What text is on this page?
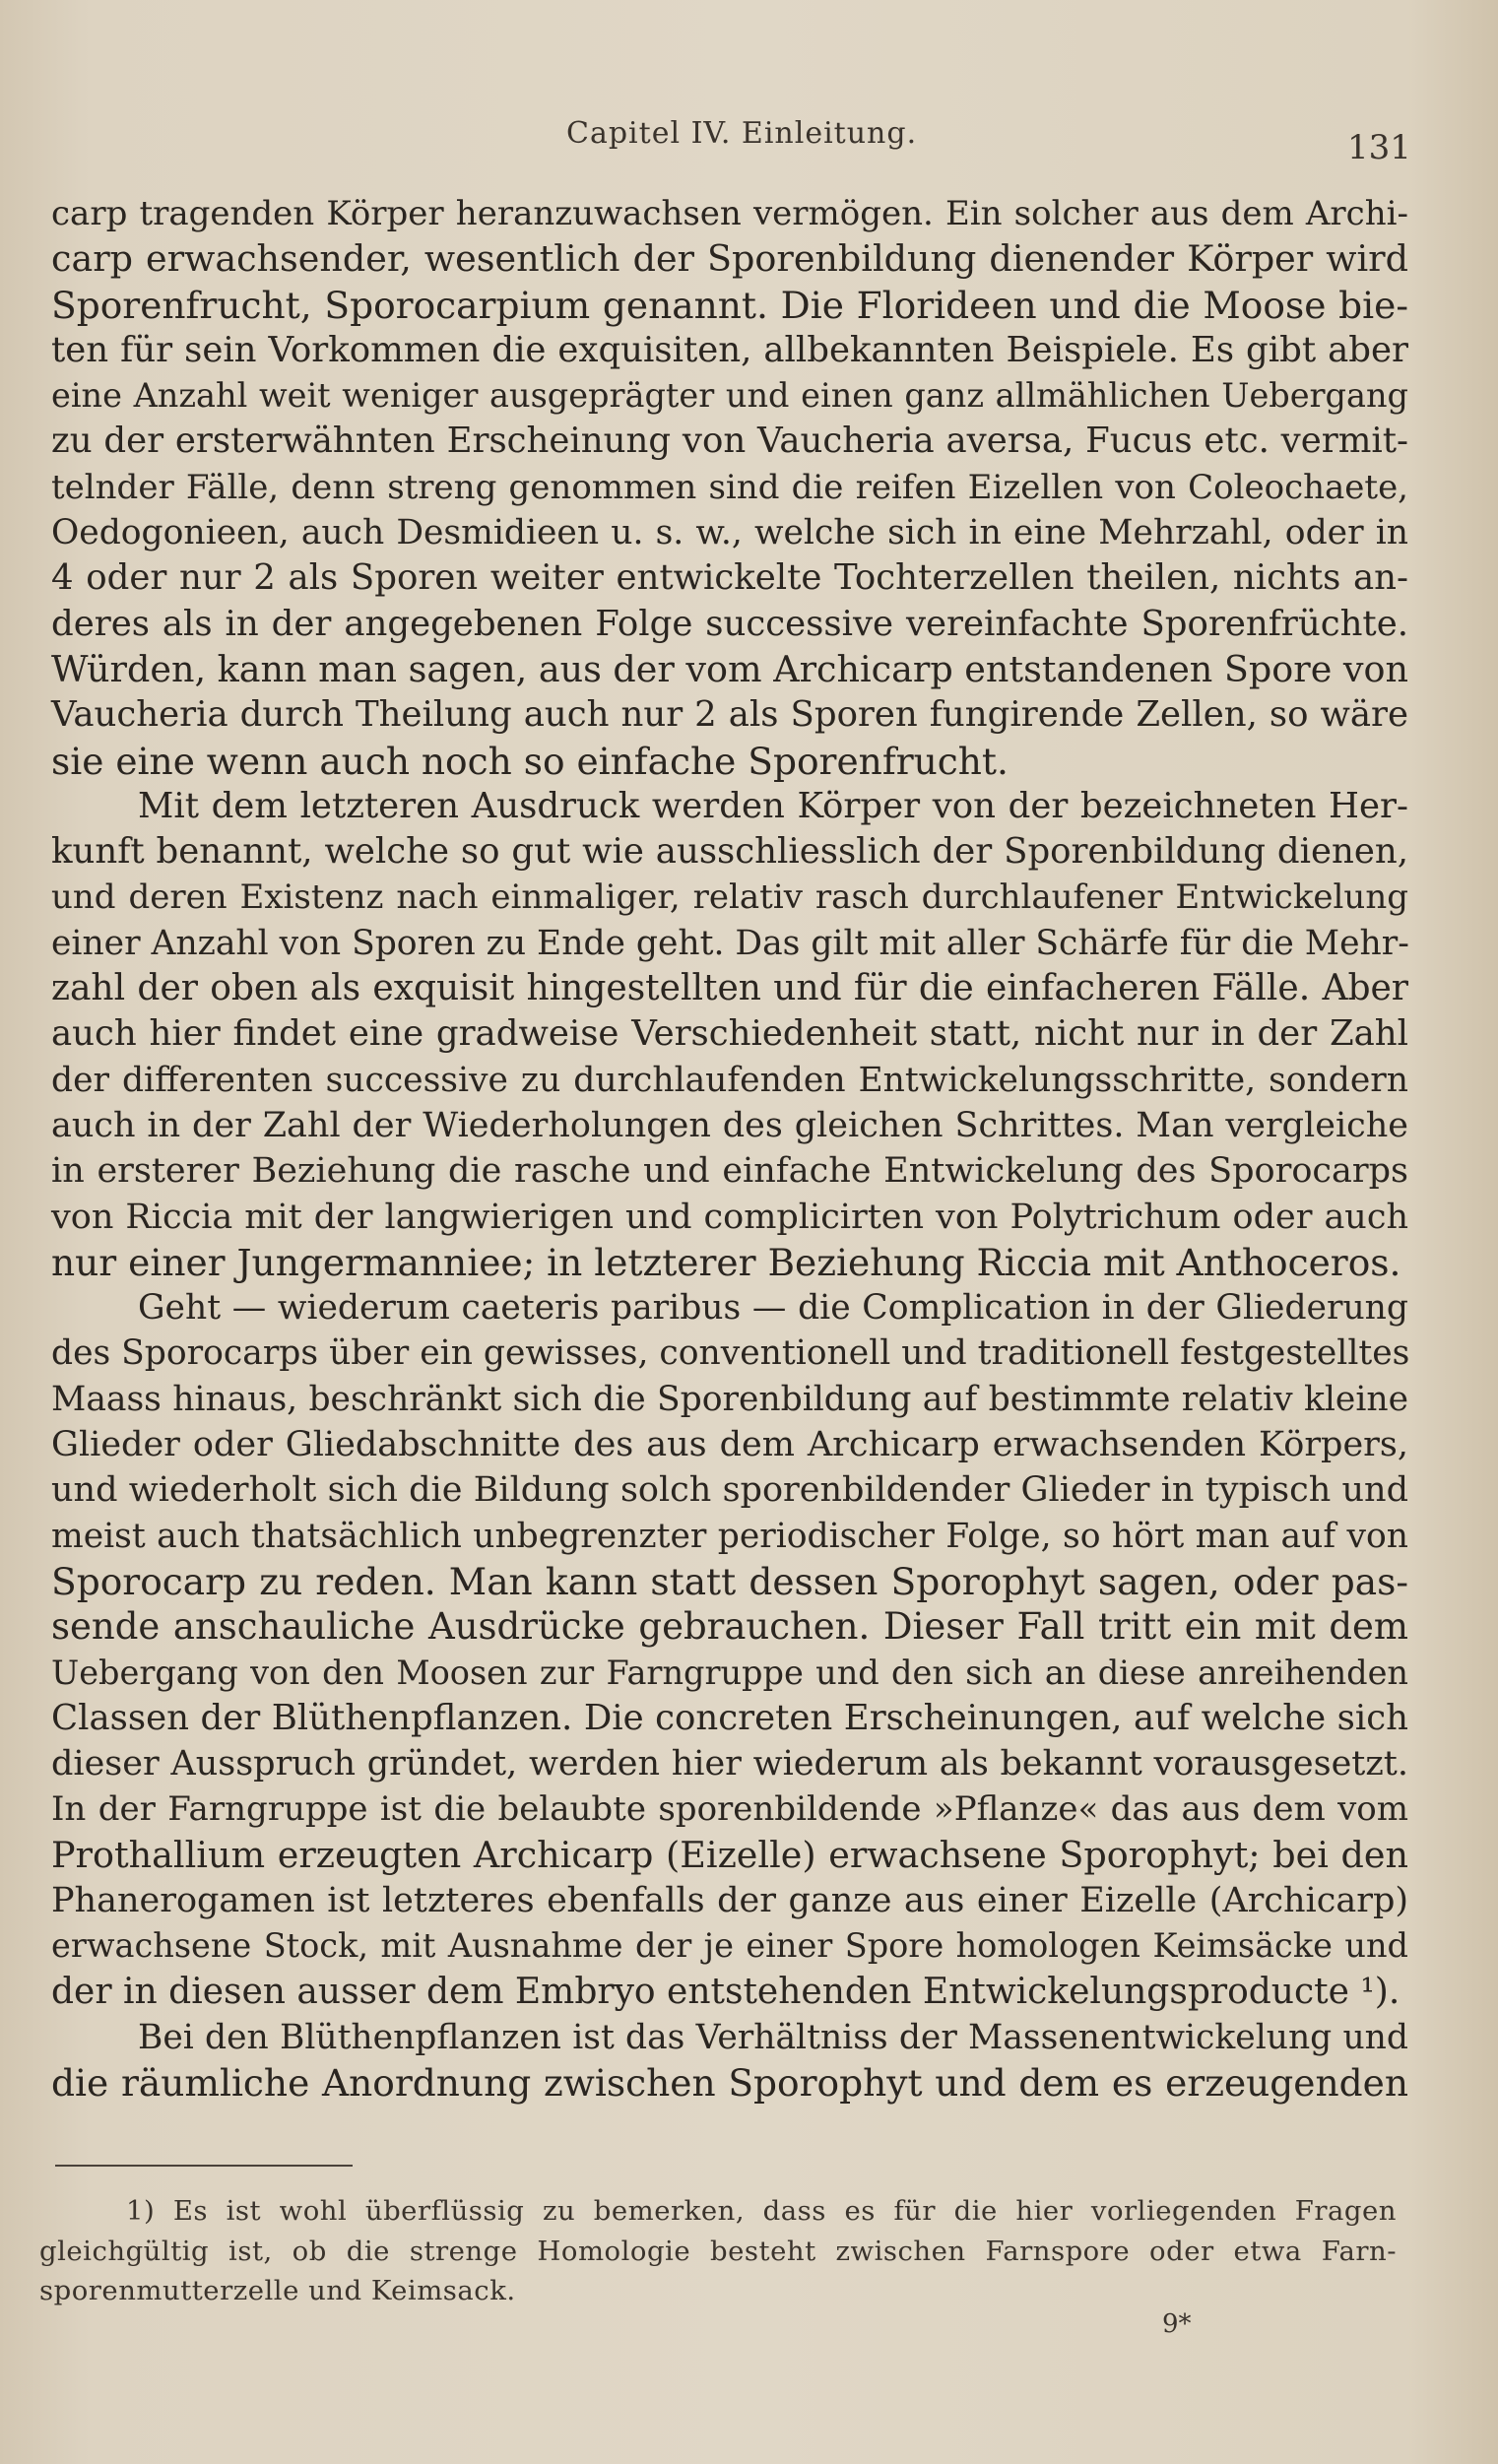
Capitel IV. Einleitung.	131
carp tragenden Körper heranzuwachsen vermögen. Ein solcher aus dem Archi-
carp erwachsender, wesentlich der Sporenbildung dienender Körper wird
Sporenfrucht, Sporocarpium genannt. Die Florideen und die Moose bie-
ten für sein Vorkommen die exquisiten, allbekannten Beispiele. Es gibt aber
eine Anzahl weit weniger ausgeprägter und einen ganz allmählichen Uebergang
zu der ersterwähnten Erscheinung von Vaucheria aversa, Fucus etc. vermit-
telnder Fälle, denn streng genommen sind die reifen Eizellen von Coleochaete,
Oedogonieen, auch Desmidieen u. s. w., welche sich in eine Mehrzahl, oder in
4 oder nur 2 als Sporen weiter entwickelte Tochterzellen theilen, nichts an-
deres als in der angegebenen Folge successive vereinfachte Sporenfrüchte.
Würden, kann man sagen, aus der vom Archicarp entstandenen Spore von
Vaucheria durch Theilung auch nur 2 als Sporen fungirende Zellen, so wäre
sie eine wenn auch noch so einfache Sporenfrucht.
Mit dem letzteren Ausdruck werden Körper von der bezeichneten Her-
kunft benannt, welche so gut wie ausschliesslich der Sporenbildung dienen,
und deren Existenz nach einmaliger, relativ rasch durchlaufener Entwickelung
einer Anzahl von Sporen zu Ende geht. Das gilt mit aller Schärfe für die Mehr-
zahl der oben als exquisit hingestellten und für die einfacheren Fälle. Aber
auch hier findet eine gradweise Verschiedenheit statt, nicht nur in der Zahl
der differenten successive zu durchlaufenden Entwickelungsschritte, sondern
auch in der Zahl der Wiederholungen des gleichen Schrittes. Man vergleiche
in ersterer Beziehung die rasche und einfache Entwickelung des Sporocarps
von Riccia mit der langwierigen und complicirten von Polytrichum oder auch
nur einer Jungermanniee; in letzterer Beziehung Riccia mit Anthoceros.
Geht — wiederum caeteris paribus — die Complication in der Gliederung
des Sporocarps über ein gewisses, conventionell und traditionell festgestelltes
Maass hinaus, beschränkt sich die Sporenbildung auf bestimmte relativ kleine
Glieder oder Gliedabschnitte des aus dem Archicarp erwachsenden Körpers,
und wiederholt sich die Bildung solch sporenbildender Glieder in typisch und
meist auch thatsächlich unbegrenzter periodischer Folge, so hört man auf von
Sporocarp zu reden. Man kann statt dessen Sporophyt sagen, oder pas-
sende anschauliche Ausdrücke gebrauchen. Dieser Fall tritt ein mit dem
Uebergang von den Moosen zur Farngruppe und den sich an diese anreihenden
Classen der Blüthenpflanzen. Die concreten Erscheinungen, auf welche sich
dieser Ausspruch gründet, werden hier wiederum als bekannt vorausgesetzt.
In der Farngruppe ist die belaubte sporenbildende »Pflanze« das aus dem vom
Prothallium erzeugten Archicarp (Eizelle) erwachsene Sporophyt; bei den
Phanerogamen ist letzteres ebenfalls der ganze aus einer Eizelle (Archicarp)
erwachsene Stock, mit Ausnahme der je einer Spore homologen Keimsäcke und
der in diesen ausser dem Embryo entstehenden Entwickelungsproducte ¹).
Bei den Blüthenpflanzen ist das Verhältniss der Massenentwickelung und
die räumliche Anordnung zwischen Sporophyt und dem es erzeugenden
1) Es ist wohl überflüssig zu bemerken, dass es für die hier vorliegenden Fragen
gleichgültig ist, ob die strenge Homologie besteht zwischen Farnspore oder etwa Farn-
sporenmutterzelle und Keimsack.
9*
